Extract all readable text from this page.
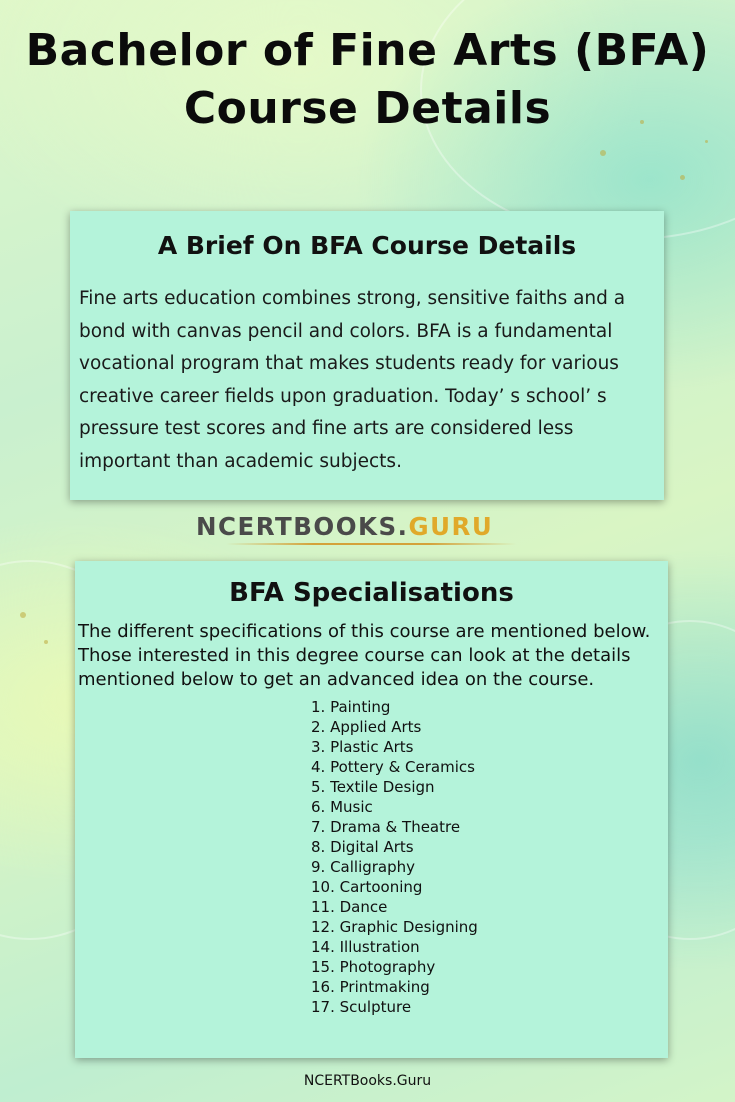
Bachelor of Fine Arts (BFA)
Course Details
A Brief On BFA Course Details

Fine arts education combines strong, sensitive faiths and a bond with canvas pencil and colors. BFA is a fundamental vocational program that makes students ready for various creative career fields upon graduation. Today’ s school’ s pressure test scores and fine arts are considered less important than academic subjects.

NCERTBOOKS.GURU
BFA Specialisations

The different specifications of this course are mentioned below. Those interested in this degree course can look at the details mentioned below to get an advanced idea on the course.

1. Painting
2. Applied Arts
3. Plastic Arts
4. Pottery & Ceramics
5. Textile Design
6. Music
7. Drama & Theatre
8. Digital Arts
9. Calligraphy
10. Cartooning
11. Dance
12. Graphic Designing
14. Illustration
15. Photography
16. Printmaking
17. Sculpture
NCERTBooks.Guru
